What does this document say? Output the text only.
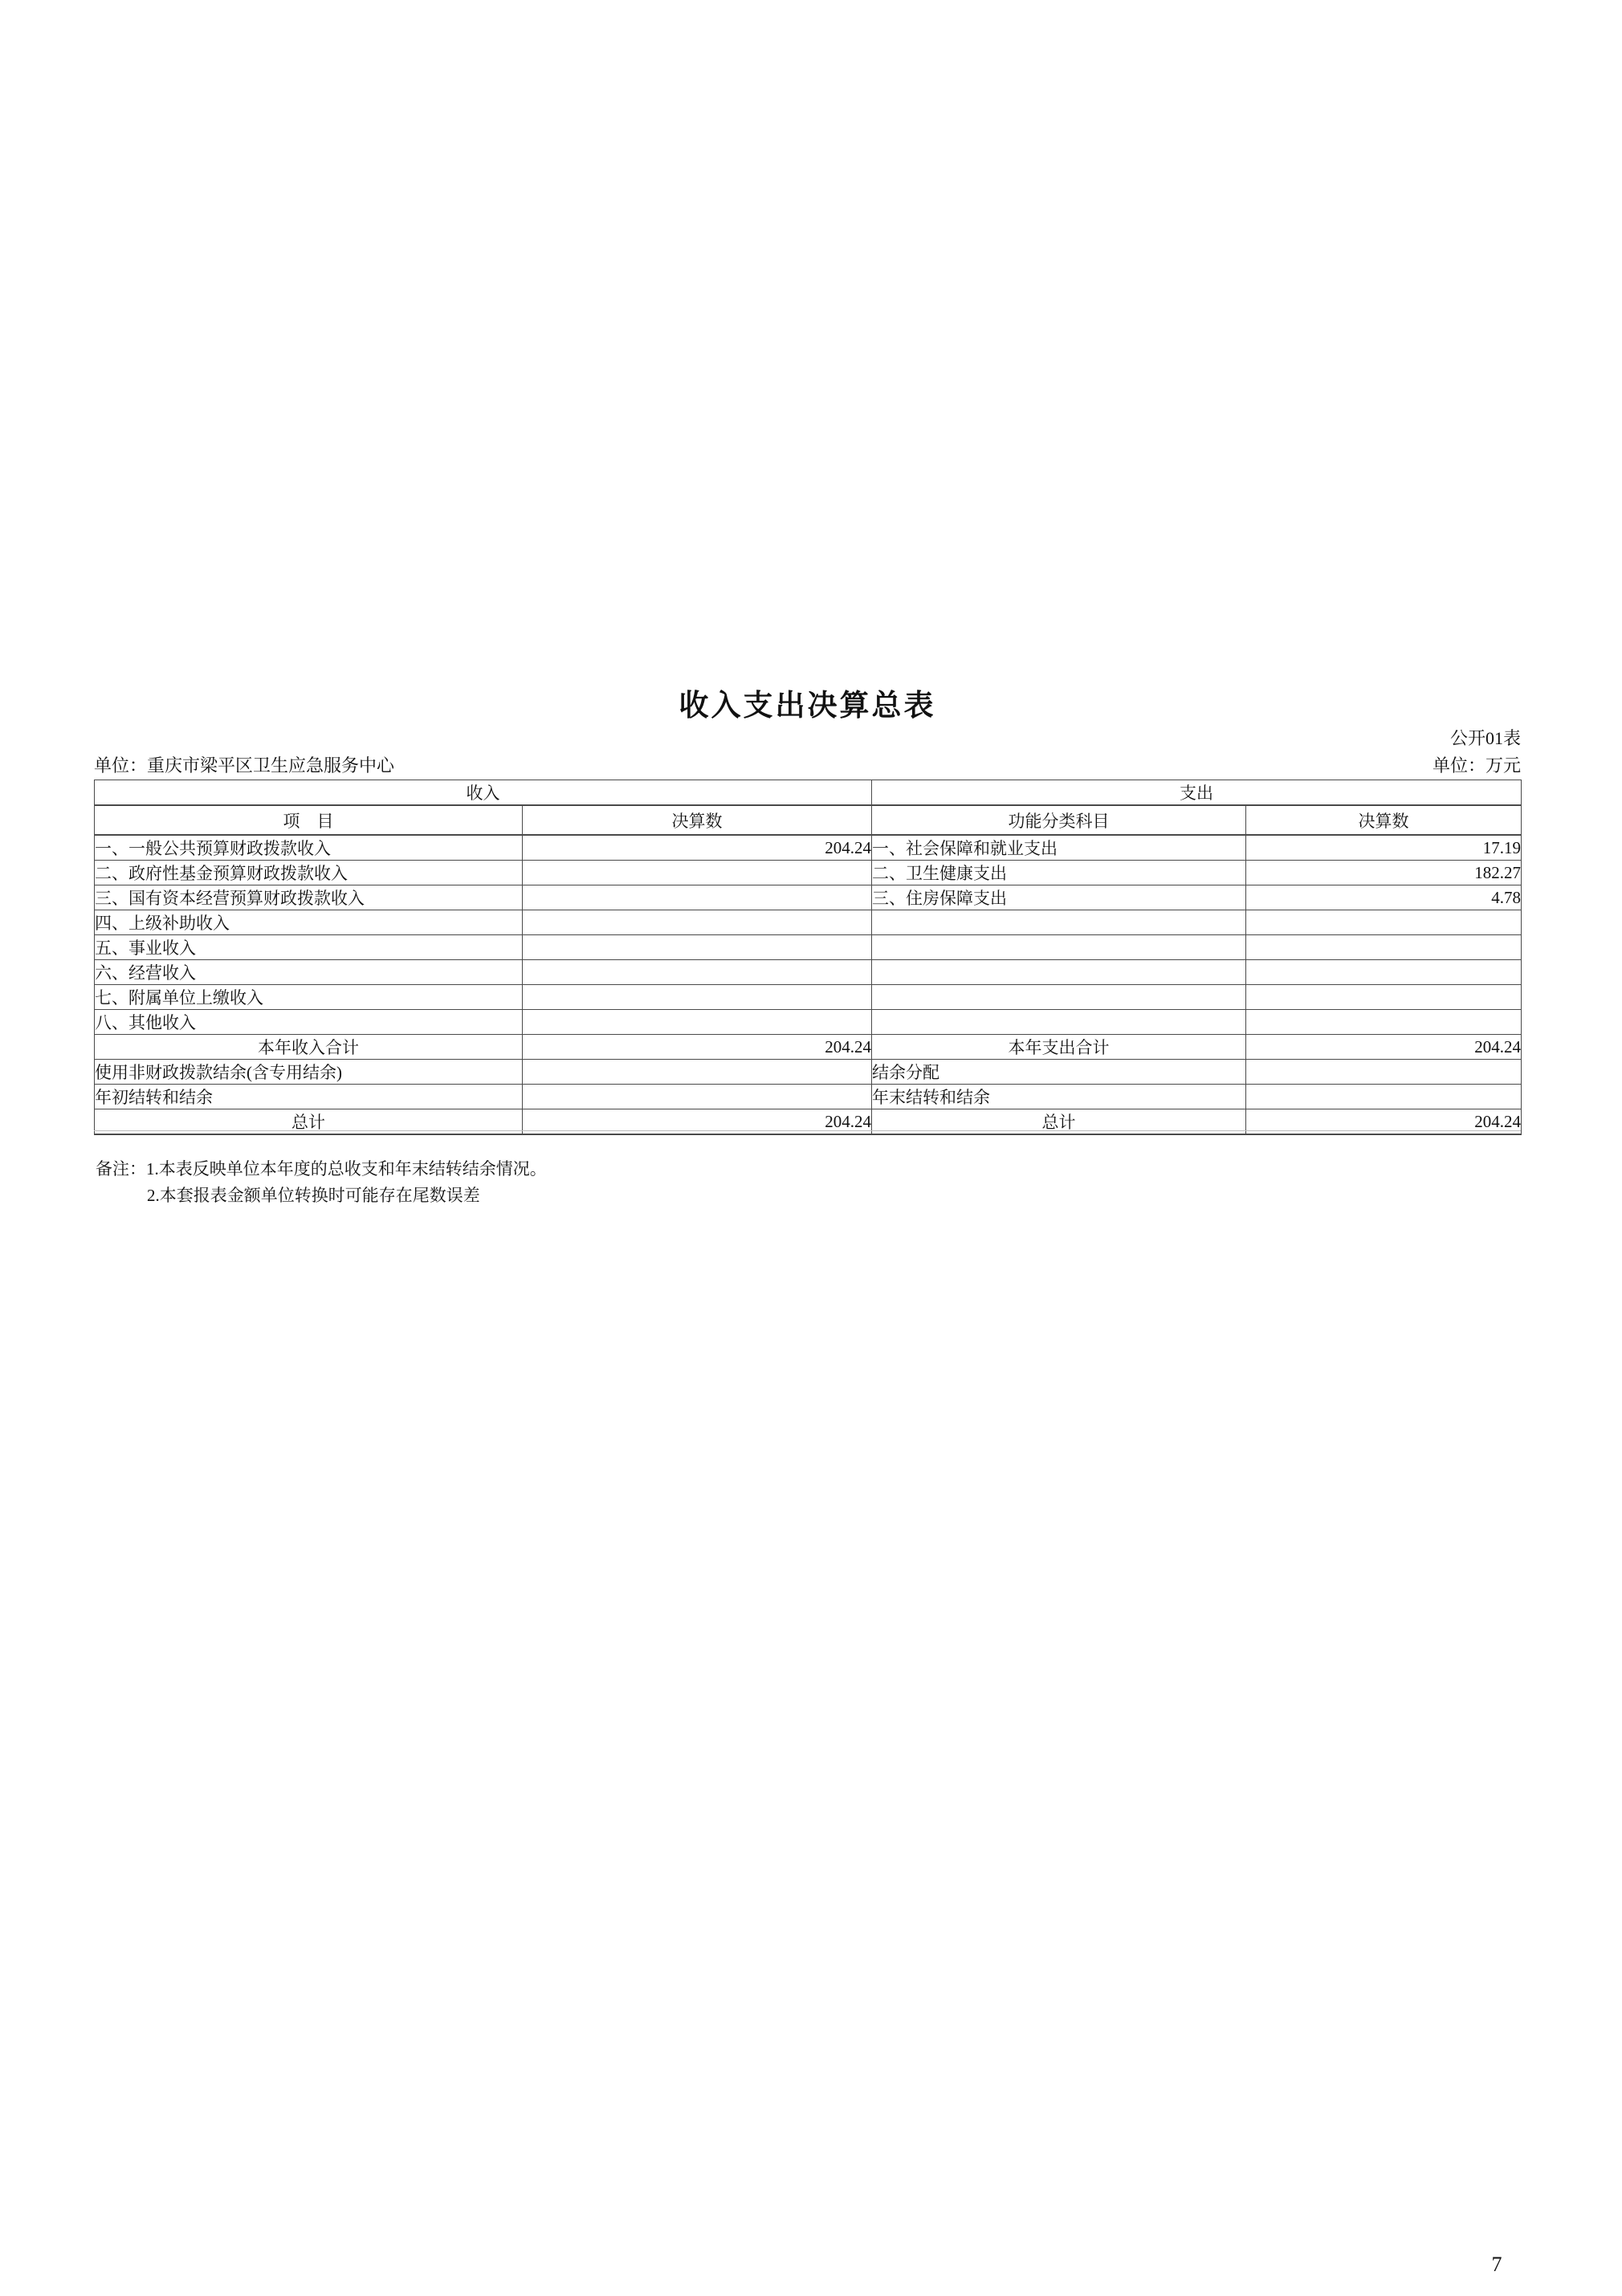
收入支出决算总表
公开01表
单位：重庆市梁平区卫生应急服务中心	单位：万元
收入		支出	
项　目	决算数	功能分类科目	决算数
一、一般公共预算财政拨款收入	204.24	一、社会保障和就业支出	17.19
二、政府性基金预算财政拨款收入		二、卫生健康支出	182.27
三、国有资本经营预算财政拨款收入		三、住房保障支出	4.78
四、上级补助收入			
五、事业收入			
六、经营收入			
七、附属单位上缴收入			
八、其他收入			
本年收入合计	204.24	本年支出合计	204.24
使用非财政拨款结余(含专用结余)		结余分配	
年初结转和结余		年末结转和结余	
总计	204.24	总计	204.24
备注：1.本表反映单位本年度的总收支和年末结转结余情况。
2.本套报表金额单位转换时可能存在尾数误差
7
